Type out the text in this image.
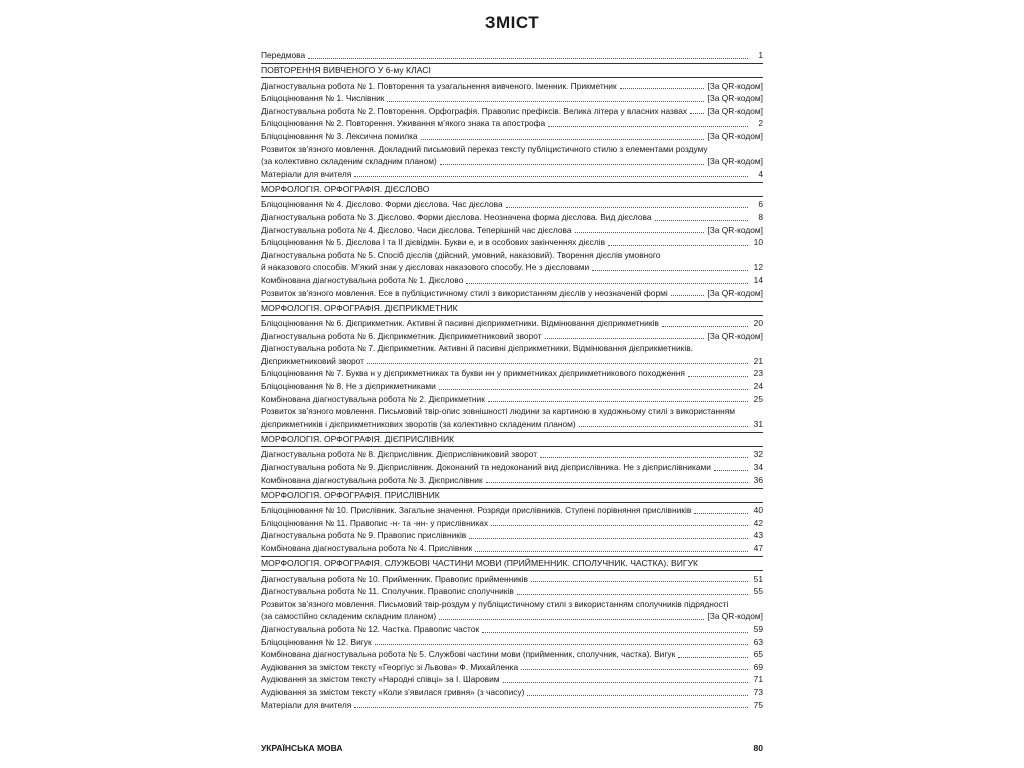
ЗМІСТ
Передмова	1
ПОВТОРЕННЯ ВИВЧЕНОГО У 6-му КЛАСІ
Діагностувальна робота № 1. Повторення та узагальнення вивченого. Іменник. Прикметник	[За QR-кодом]
Бліцоцінювання № 1. Числівник	[За QR-кодом]
Діагностувальна робота № 2. Повторення. Орфографія. Правопис префіксів. Велика літера у власних назвах [За QR-кодом]
Бліцоцінювання № 2. Повторення. Уживання м’якого знака та апострофа	2
Бліцоцінювання № 3. Лексична помилка	[За QR-кодом]
Розвиток зв’язного мовлення. Докладний письмовий переказ тексту публіцистичного стилю з елементами роздуму
(за колективно складеним складним планом)	[За QR-кодом]
Матеріали для вчителя	4
МОРФОЛОГІЯ. ОРФОГРАФІЯ. ДІЄСЛОВО
Бліцоцінювання № 4. Дієслово. Форми дієслова. Час дієслова	6
Діагностувальна робота № 3. Дієслово. Форми дієслова. Неозначена форма дієслова. Вид дієслова	8
Діагностувальна робота № 4. Дієслово. Часи дієслова. Теперішній час дієслова	[За QR-кодом]
Бліцоцінювання № 5. Дієслова I та II дієвідмін. Букви е, и в особових закінченнях дієслів	10
Діагностувальна робота № 5. Спосіб дієслів (дійсний, умовний, наказовий). Творення дієслів умовного
й наказового способів. М’який знак у дієсловах наказового способу. Не з дієсловами	12
Комбінована діагностувальна робота № 1. Дієслово	14
Розвиток зв’язного мовлення. Есе в публіцистичному стилі з використанням дієслів у неозначеній формі	[За QR-кодом]
МОРФОЛОГІЯ. ОРФОГРАФІЯ. ДІЄПРИКМЕТНИК
Бліцоцінювання № 6. Дієприкметник. Активні й пасивні дієприкметники. Відмінювання дієприкметників	20
Діагностувальна робота № 6. Дієприкметник. Дієприкметниковий зворот	[За QR-кодом]
Діагностувальна робота № 7. Дієприкметник. Активні й пасивні дієприкметники. Відмінювання дієприкметників.
Дієприкметниковий зворот	21
Бліцоцінювання № 7. Буква н у дієприкметниках та букви нн у прикметниках дієприкметникового походження	23
Бліцоцінювання № 8. Не з дієприкметниками	24
Комбінована діагностувальна робота № 2. Дієприкметник	25
Розвиток зв’язного мовлення. Письмовий твір-опис зовнішності людини за картиною в художньому стилі з використанням
дієприкметників і дієприкметникових зворотів (за колективно складеним планом)	31
МОРФОЛОГІЯ. ОРФОГРАФІЯ. ДІЄПРИСЛІВНИК
Діагностувальна робота № 8. Дієприслівник. Дієприслівниковий зворот	32
Діагностувальна робота № 9. Дієприслівник. Доконаний та недоконаний вид дієприслівника. Не з дієприслівниками	34
Комбінована діагностувальна робота № 3. Дієприслівник	36
МОРФОЛОГІЯ. ОРФОГРАФІЯ. ПРИСЛІВНИК
Бліцоцінювання № 10. Прислівник. Загальне значення. Розряди прислівників. Ступені порівняння прислівників	40
Бліцоцінювання № 11. Правопис -н- та -нн- у прислівниках	42
Діагностувальна робота № 9. Правопис прислівників	43
Комбінована діагностувальна робота № 4. Прислівник	47
МОРФОЛОГІЯ. ОРФОГРАФІЯ. СЛУЖБОВІ ЧАСТИНИ МОВИ (ПРИЙМЕННИК. СПОЛУЧНИК. ЧАСТКА). ВИГУК
Діагностувальна робота № 10. Прийменник. Правопис прийменників	51
Діагностувальна робота № 11. Сполучник. Правопис сполучників	55
Розвиток зв’язного мовлення. Письмовий твір-роздум у публіцистичному стилі з використанням сполучників підрядності
(за самостійно складеним складним планом)	[За QR-кодом]
Діагностувальна робота № 12. Частка. Правопис часток	59
Бліцоцінювання № 12. Вигук	63
Комбінована діагностувальна робота № 5. Службові частини мови (прийменник, сполучник, частка). Вигук	65
Аудіювання за змістом тексту «Георгіус зі Львова» Ф. Михайленка	69
Аудіювання за змістом тексту «Народні співці» за І. Шаровим	71
Аудіювання за змістом тексту «Коли з’явилася гривня» (з часопису)	73
Матеріали для вчителя	75
УКРАЇНСЬКА МОВА	80
